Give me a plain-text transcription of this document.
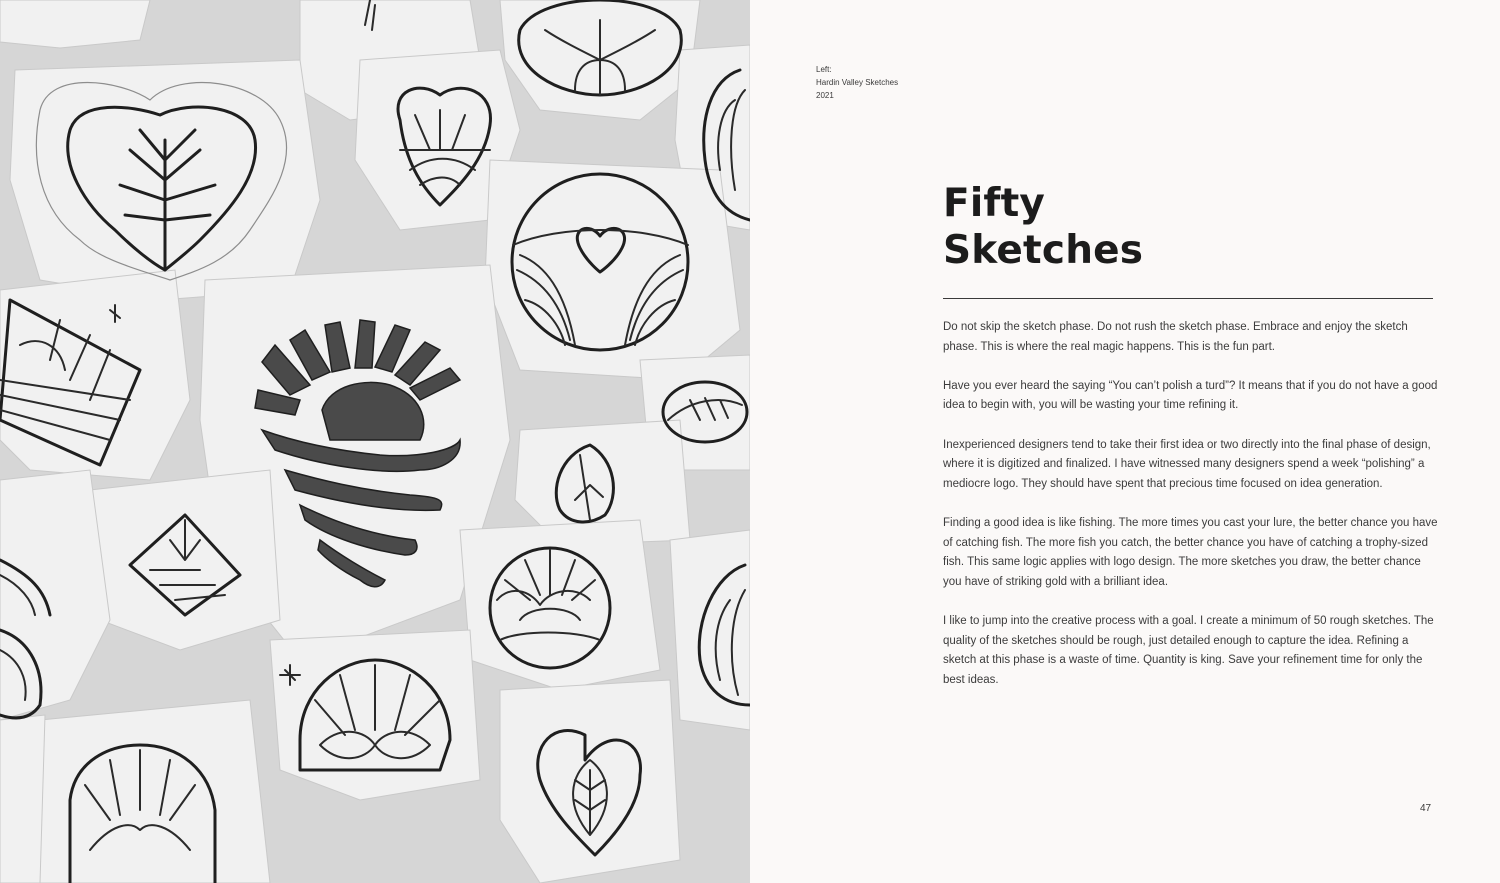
Left:
Hardin Valley Sketches
2021
Fifty
Sketches

Do not skip the sketch phase. Do not rush the sketch phase. Embrace and enjoy the sketch phase. This is where the real magic happens. This is the fun part.

Have you ever heard the saying “You can’t polish a turd”? It means that if you do not have a good idea to begin with, you will be wasting your time refining it.

Inexperienced designers tend to take their first idea or two directly into the final phase of design, where it is digitized and finalized. I have witnessed many designers spend a week “polishing” a mediocre logo. They should have spent that precious time focused on idea generation.

Finding a good idea is like fishing. The more times you cast your lure, the better chance you have of catching fish. The more fish you catch, the better chance you have of catching a trophy-sized fish. This same logic applies with logo design. The more sketches you draw, the better chance you have of striking gold with a brilliant idea.

I like to jump into the creative process with a goal. I create a minimum of 50 rough sketches. The quality of the sketches should be rough, just detailed enough to capture the idea. Refining a sketch at this phase is a waste of time. Quantity is king. Save your refinement time for only the best ideas.

47
